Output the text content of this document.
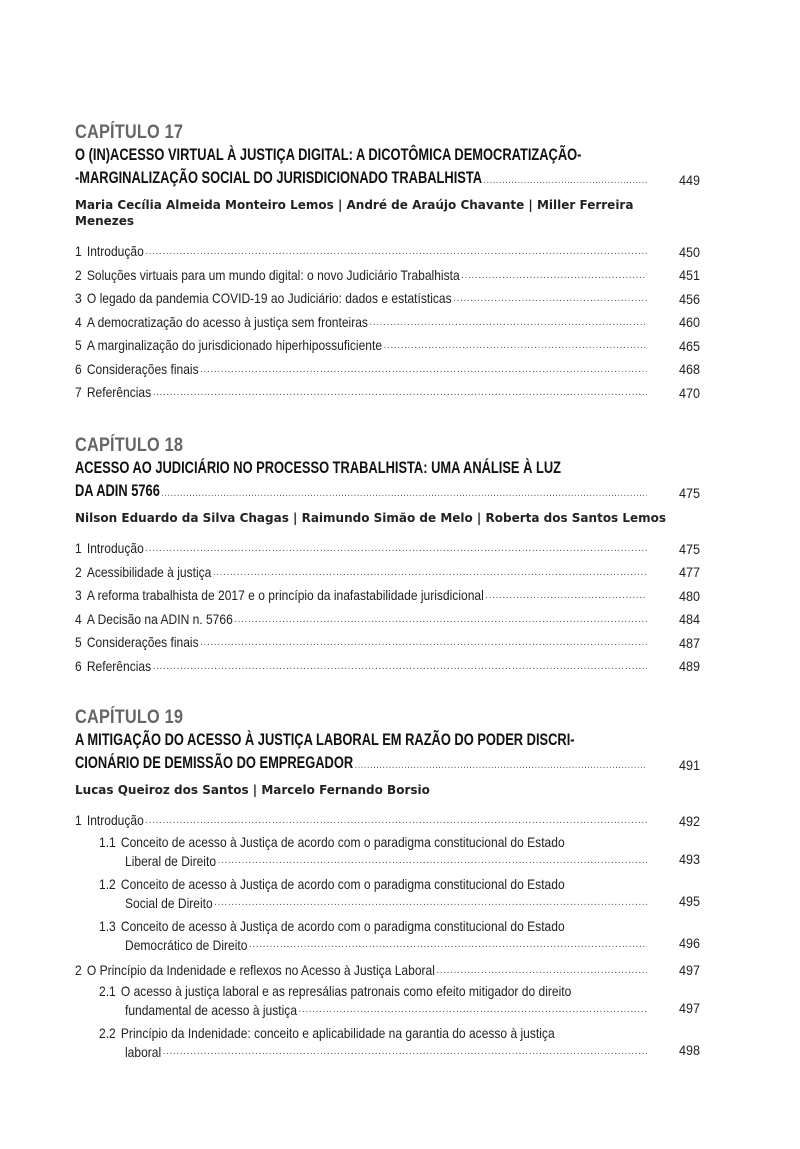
CAPÍTULO 17
O (IN)ACESSO VIRTUAL À JUSTIÇA DIGITAL: A DICOTÔMICA DEMOCRATIZAÇÃO-
-MARGINALIZAÇÃO SOCIAL DO JURISDICIONADO TRABALHISTA .....	449
Maria Cecília Almeida Monteiro Lemos | André de Araújo Chavante | Miller Ferreira Menezes
1 Introdução .....	450
2 Soluções virtuais para um mundo digital: o novo Judiciário Trabalhista .....	451
3 O legado da pandemia COVID-19 ao Judiciário: dados e estatísticas .....	456
4 A democratização do acesso à justiça sem fronteiras .....	460
5 A marginalização do jurisdicionado hiperhipossuficiente .....	465
6 Considerações finais .....	468
7 Referências .....	470
CAPÍTULO 18
ACESSO AO JUDICIÁRIO NO PROCESSO TRABALHISTA: UMA ANÁLISE À LUZ
DA ADIN 5766 .....	475
Nilson Eduardo da Silva Chagas | Raimundo Simão de Melo | Roberta dos Santos Lemos
1 Introdução .....	475
2 Acessibilidade à justiça .....	477
3 A reforma trabalhista de 2017 e o princípio da inafastabilidade jurisdicional .....	480
4 A Decisão na ADIN n. 5766 .....	484
5 Considerações finais .....	487
6 Referências .....	489
CAPÍTULO 19
A MITIGAÇÃO DO ACESSO À JUSTIÇA LABORAL EM RAZÃO DO PODER DISCRI-
CIONÁRIO DE DEMISSÃO DO EMPREGADOR .....	491
Lucas Queiroz dos Santos | Marcelo Fernando Borsio
1 Introdução .....	492
1.1 Conceito de acesso à Justiça de acordo com o paradigma constitucional do Estado
Liberal de Direito .....	493
1.2 Conceito de acesso à Justiça de acordo com o paradigma constitucional do Estado
Social de Direito .....	495
1.3 Conceito de acesso à Justiça de acordo com o paradigma constitucional do Estado
Democrático de Direito .....	496
2 O Princípio da Indenidade e reflexos no Acesso à Justiça Laboral .....	497
2.1 O acesso à justiça laboral e as represálias patronais como efeito mitigador do direito
fundamental de acesso à justiça .....	497
2.2 Princípio da Indenidade: conceito e aplicabilidade na garantia do acesso à justiça
laboral .....	498
